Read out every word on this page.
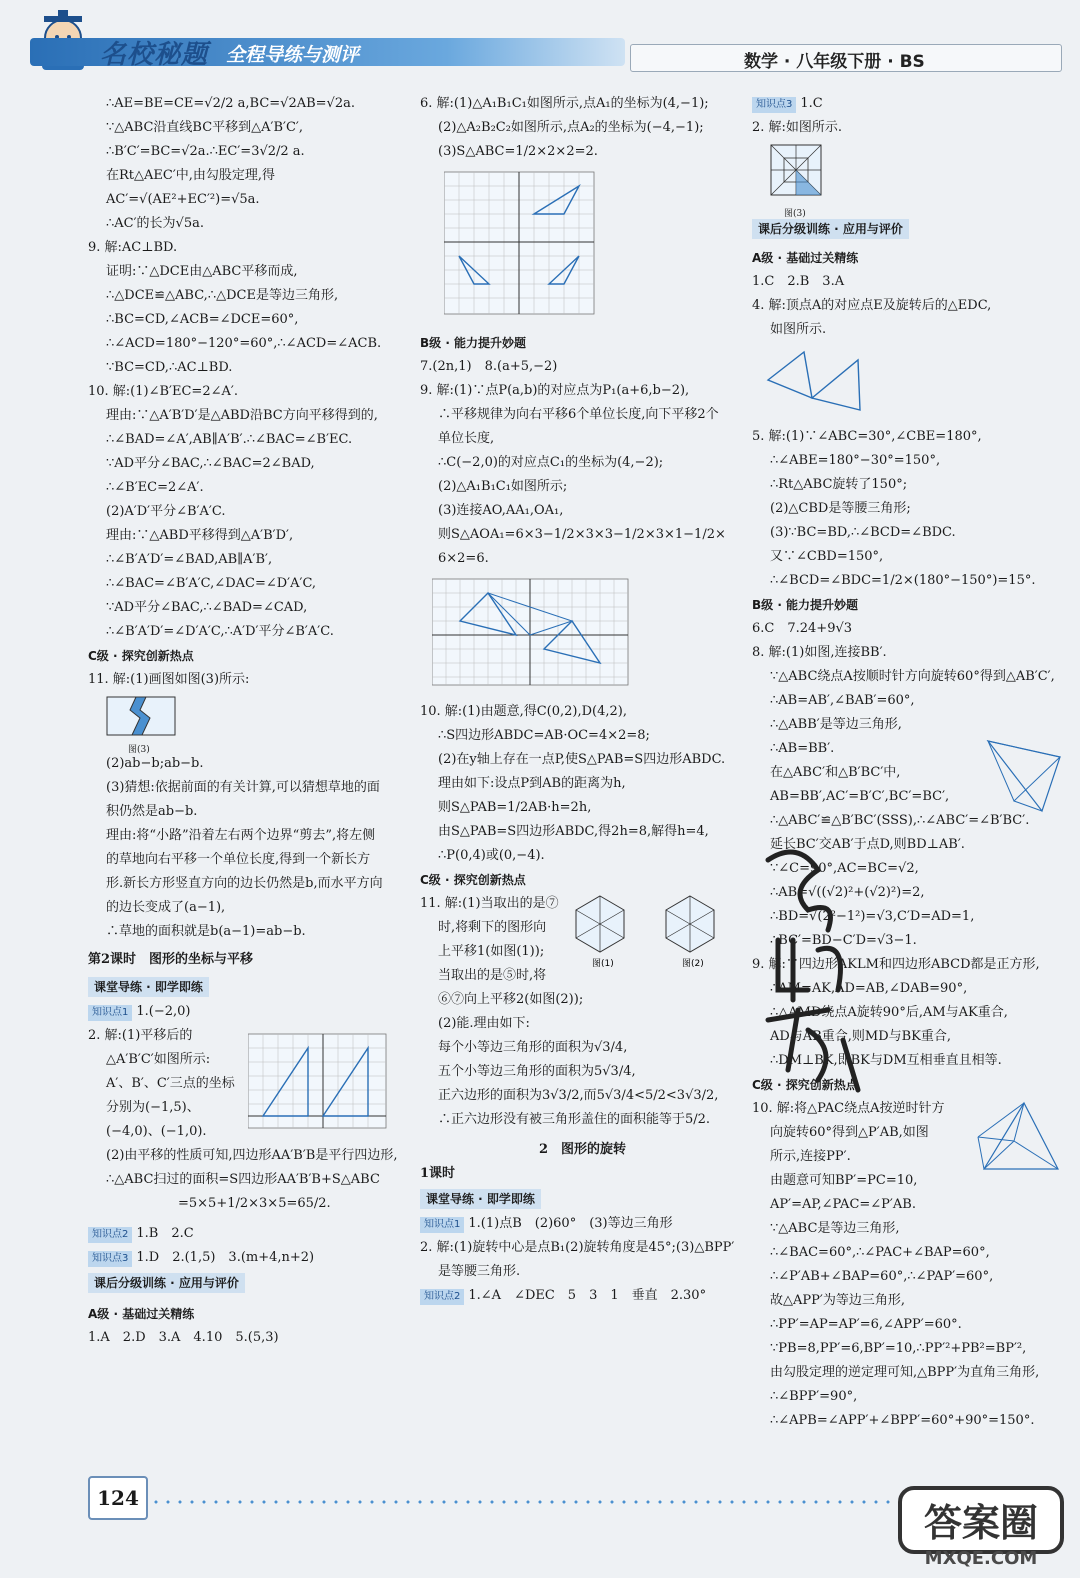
名校秘题 全程导练与测评	数学 · 八年级下册 · BS
∴AE=BE=CE=√2/2 a,BC=√2AB=√2a.
∵△ABC沿直线BC平移到△A′B′C′,
∴B′C′=BC=√2a.∴EC′=3√2/2 a.
在Rt△AEC′中,由勾股定理,得
AC′=√(AE²+EC′²)=√5a.
∴AC′的长为√5a.
9. 解:AC⊥BD.
证明:∵△DCE由△ABC平移而成,
∴△DCE≌△ABC,∴△DCE是等边三角形,
∴BC=CD,∠ACB=∠DCE=60°,
∴∠ACD=180°−120°=60°,∴∠ACD=∠ACB.
∵BC=CD,∴AC⊥BD.
10. 解:(1)∠B′EC=2∠A′.
理由:∵△A′B′D′是△ABD沿BC方向平移得到的,
∴∠BAD=∠A′,AB∥A′B′.∴∠BAC=∠B′EC.
∵AD平分∠BAC,∴∠BAC=2∠BAD,
∴∠B′EC=2∠A′.
(2)A′D′平分∠B′A′C.
理由:∵△ABD平移得到△A′B′D′,
∴∠B′A′D′=∠BAD,AB∥A′B′,
∴∠BAC=∠B′A′C,∠DAC=∠D′A′C,
∵AD平分∠BAC,∴∠BAD=∠CAD,
∴∠B′A′D′=∠D′A′C,∴A′D′平分∠B′A′C.
C级 · 探究创新热点
11. 解:(1)画图如图(3)所示:
图(3)
(2)ab−b;ab−b.
(3)猜想:依据前面的有关计算,可以猜想草地的面
积仍然是ab−b.
理由:将“小路”沿着左右两个边界“剪去”,将左侧
的草地向右平移一个单位长度,得到一个新长方
形.新长方形竖直方向的边长仍然是b,而水平方向
的边长变成了(a−1),
∴草地的面积就是b(a−1)=ab−b.
第2课时　图形的坐标与平移
课堂导练 · 即学即练
知识点1 1.(−2,0)
2. 解:(1)平移后的
△A′B′C′如图所示:
A′、B′、C′三点的坐标
分别为(−1,5)、
(−4,0)、(−1,0).
(2)由平移的性质可知,四边形AA′B′B是平行四边形,
∴△ABC扫过的面积=S四边形AA′B′B+S△ABC
=5×5+1/2×3×5=65/2.
知识点2 1.B　2.C
知识点3 1.D　2.(1,5)　3.(m+4,n+2)
课后分级训练 · 应用与评价
A级 · 基础过关精练
1.A　2.D　3.A　4.10　5.(5,3)
6. 解:(1)△A₁B₁C₁如图所示,点A₁的坐标为(4,−1);
(2)△A₂B₂C₂如图所示,点A₂的坐标为(−4,−1);
(3)S△ABC=1/2×2×2=2.
B级 · 能力提升妙题
7.(2n,1)　8.(a+5,−2)
9. 解:(1)∵点P(a,b)的对应点为P₁(a+6,b−2),
∴平移规律为向右平移6个单位长度,向下平移2个
单位长度,
∴C(−2,0)的对应点C₁的坐标为(4,−2);
(2)△A₁B₁C₁如图所示;
(3)连接AO,AA₁,OA₁,
则S△AOA₁=6×3−1/2×3×3−1/2×3×1−1/2×
6×2=6.
10. 解:(1)由题意,得C(0,2),D(4,2),
∴S四边形ABDC=AB·OC=4×2=8;
(2)在y轴上存在一点P,使S△PAB=S四边形ABDC.
理由如下:设点P到AB的距离为h,
则S△PAB=1/2AB·h=2h,
由S△PAB=S四边形ABDC,得2h=8,解得h=4,
∴P(0,4)或(0,−4).
C级 · 探究创新热点
11. 解:(1)当取出的是⑦
时,将剩下的图形向
上平移1(如图(1));
当取出的是⑤时,将
⑥⑦向上平移2(如图(2));
图(1)	图(2)
(2)能.理由如下:
每个小等边三角形的面积为√3/4,
五个小等边三角形的面积为5√3/4,
正六边形的面积为3√3/2,而5√3/4<5/2<3√3/2,
∴正六边形没有被三角形盖住的面积能等于5/2.
2　图形的旋转
1课时
课堂导练 · 即学即练
知识点1 1.(1)点B　(2)60°　(3)等边三角形
2. 解:(1)旋转中心是点B₁(2)旋转角度是45°;(3)△BPP′
是等腰三角形.
知识点2 1.∠A　∠DEC　5　3　1　垂直　2.30°
知识点3 1.C
2. 解:如图所示.
图(3)
课后分级训练 · 应用与评价
A级 · 基础过关精练
1.C　2.B　3.A
4. 解:顶点A的对应点E及旋转后的△EDC,
如图所示.
5. 解:(1)∵∠ABC=30°,∠CBE=180°,
∴∠ABE=180°−30°=150°,
∴Rt△ABC旋转了150°;
(2)△CBD是等腰三角形;
(3)∵BC=BD,∴∠BCD=∠BDC.
又∵∠CBD=150°,
∴∠BCD=∠BDC=1/2×(180°−150°)=15°.
B级 · 能力提升妙题
6.C　7.24+9√3
8. 解:(1)如图,连接BB′.
∵△ABC绕点A按顺时针方向旋转60°得到△AB′C′,
∴AB=AB′,∠BAB′=60°,
∴△ABB′是等边三角形,
∴AB=BB′.
在△ABC′和△B′BC′中,
AB=BB′,AC′=B′C′,BC′=BC′,
∴△ABC′≌△B′BC′(SSS),∴∠ABC′=∠B′BC′.
延长BC′交AB′于点D,则BD⊥AB′.
∵∠C=90°,AC=BC=√2,
∴AB=√((√2)²+(√2)²)=2,
∴BD=√(2²−1²)=√3,C′D=AD=1,
∴BC′=BD−C′D=√3−1.
9. 解:∵四边形AKLM和四边形ABCD都是正方形,
∴AM=AK,AD=AB,∠DAB=90°,
∴△AMD绕点A旋转90°后,AM与AK重合,
AD与AB重合,则MD与BK重合,
∴DM⊥BK,即BK与DM互相垂直且相等.
C级 · 探究创新热点
10. 解:将△PAC绕点A按逆时针方
向旋转60°得到△P′AB,如图
所示,连接PP′.
由题意可知BP′=PC=10,
AP′=AP,∠PAC=∠P′AB.
∵△ABC是等边三角形,
∴∠BAC=60°,∴∠PAC+∠BAP=60°,
∴∠P′AB+∠BAP=60°,∴∠PAP′=60°,
故△APP′为等边三角形,
∴PP′=AP=AP′=6,∠APP′=60°.
∵PB=8,PP′=6,BP′=10,∴PP′²+PB²=BP′²,
由勾股定理的逆定理可知,△BPP′为直角三角形,
∴∠BPP′=90°,
∴∠APB=∠APP′+∠BPP′=60°+90°=150°.
124
答案圈
MXQE.COM
